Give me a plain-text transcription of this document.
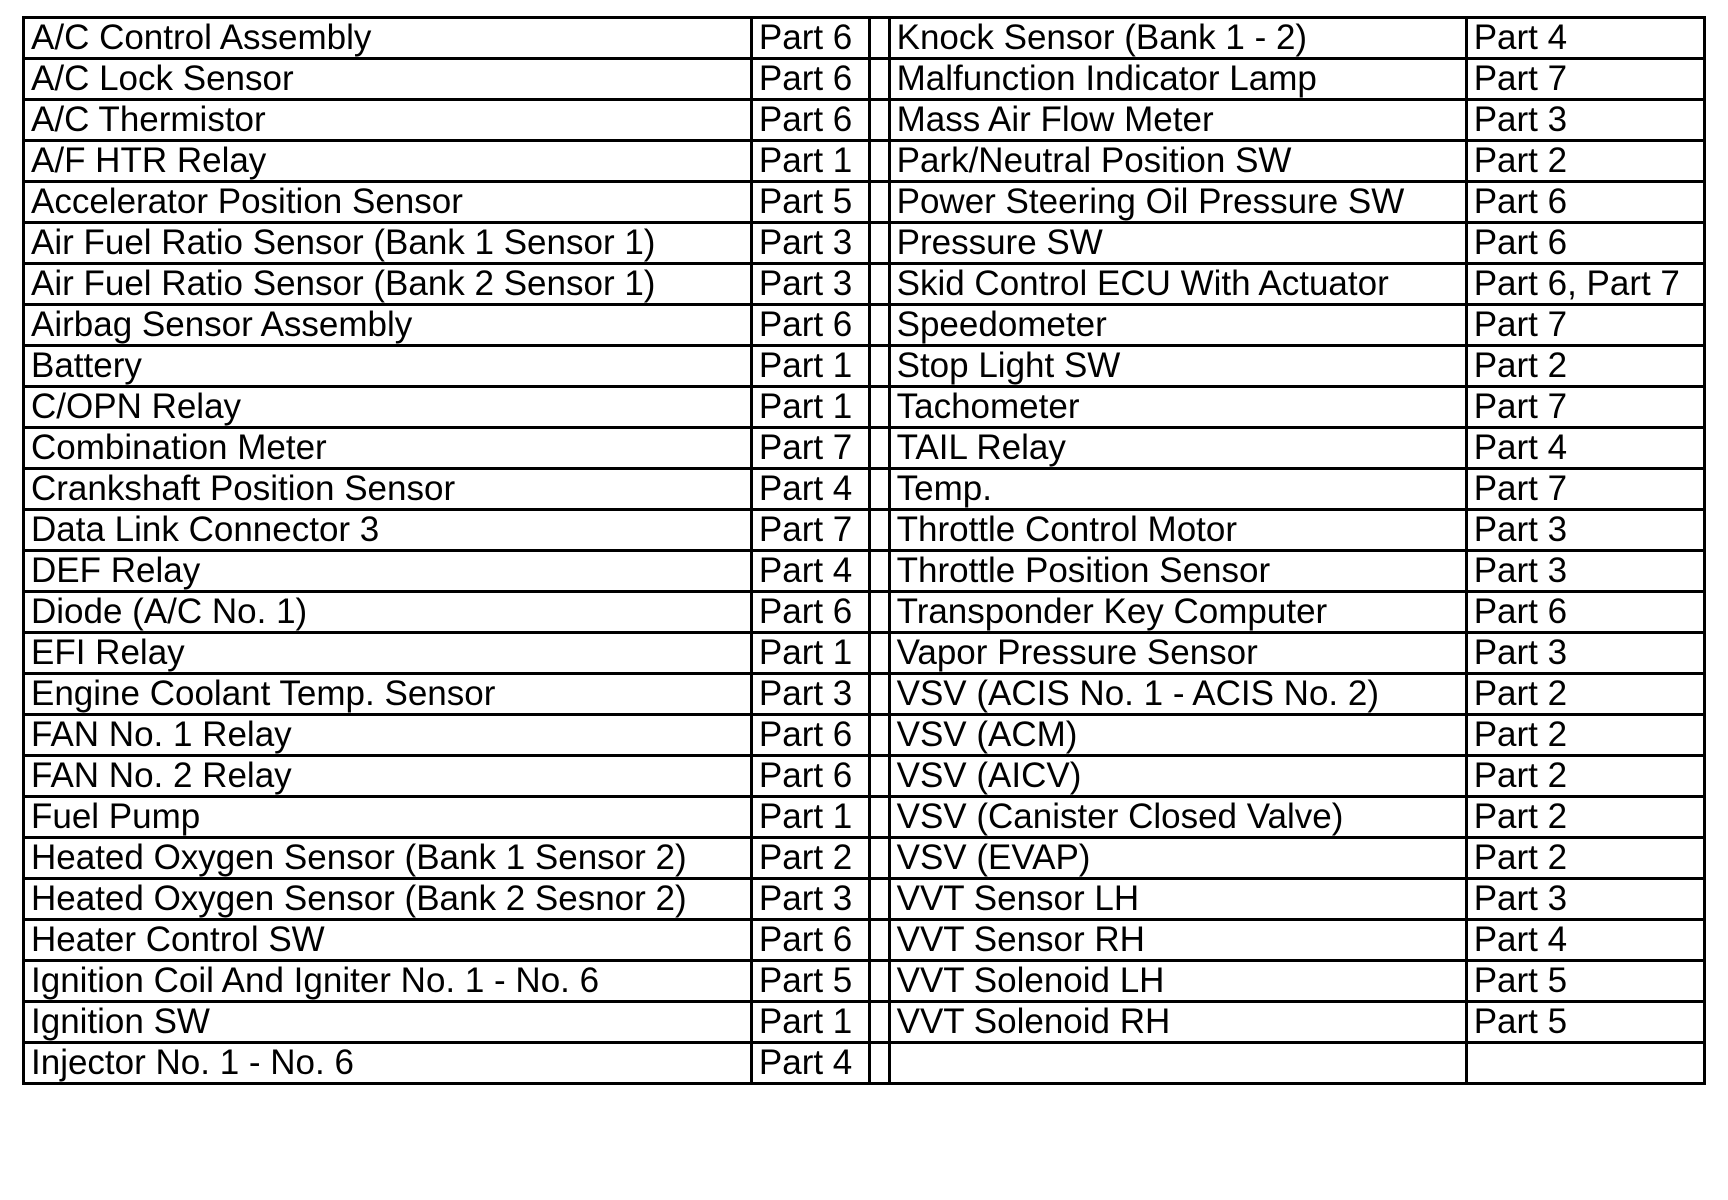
A/C Control Assembly	Part 6		Knock Sensor (Bank 1 - 2)	Part 4
A/C Lock Sensor	Part 6		Malfunction Indicator Lamp	Part 7
A/C Thermistor	Part 6		Mass Air Flow Meter	Part 3
A/F HTR Relay	Part 1		Park/Neutral Position SW	Part 2
Accelerator Position Sensor	Part 5		Power Steering Oil Pressure SW	Part 6
Air Fuel Ratio Sensor (Bank 1 Sensor 1)	Part 3		Pressure SW	Part 6
Air Fuel Ratio Sensor (Bank 2 Sensor 1)	Part 3		Skid Control ECU With Actuator	Part 6, Part 7
Airbag Sensor Assembly	Part 6		Speedometer	Part 7
Battery	Part 1		Stop Light SW	Part 2
C/OPN Relay	Part 1		Tachometer	Part 7
Combination Meter	Part 7		TAIL Relay	Part 4
Crankshaft Position Sensor	Part 4		Temp.	Part 7
Data Link Connector 3	Part 7		Throttle Control Motor	Part 3
DEF Relay	Part 4		Throttle Position Sensor	Part 3
Diode (A/C No. 1)	Part 6		Transponder Key Computer	Part 6
EFI Relay	Part 1		Vapor Pressure Sensor	Part 3
Engine Coolant Temp. Sensor	Part 3		VSV (ACIS No. 1 - ACIS No. 2)	Part 2
FAN No. 1 Relay	Part 6		VSV (ACM)	Part 2
FAN No. 2 Relay	Part 6		VSV (AICV)	Part 2
Fuel Pump	Part 1		VSV (Canister Closed Valve)	Part 2
Heated Oxygen Sensor (Bank 1 Sensor 2)	Part 2		VSV (EVAP)	Part 2
Heated Oxygen Sensor (Bank 2 Sesnor 2)	Part 3		VVT Sensor LH	Part 3
Heater Control SW	Part 6		VVT Sensor RH	Part 4
Ignition Coil And Igniter No. 1 - No. 6	Part 5		VVT Solenoid LH	Part 5
Ignition SW	Part 1		VVT Solenoid RH	Part 5
Injector No. 1 - No. 6	Part 4			
